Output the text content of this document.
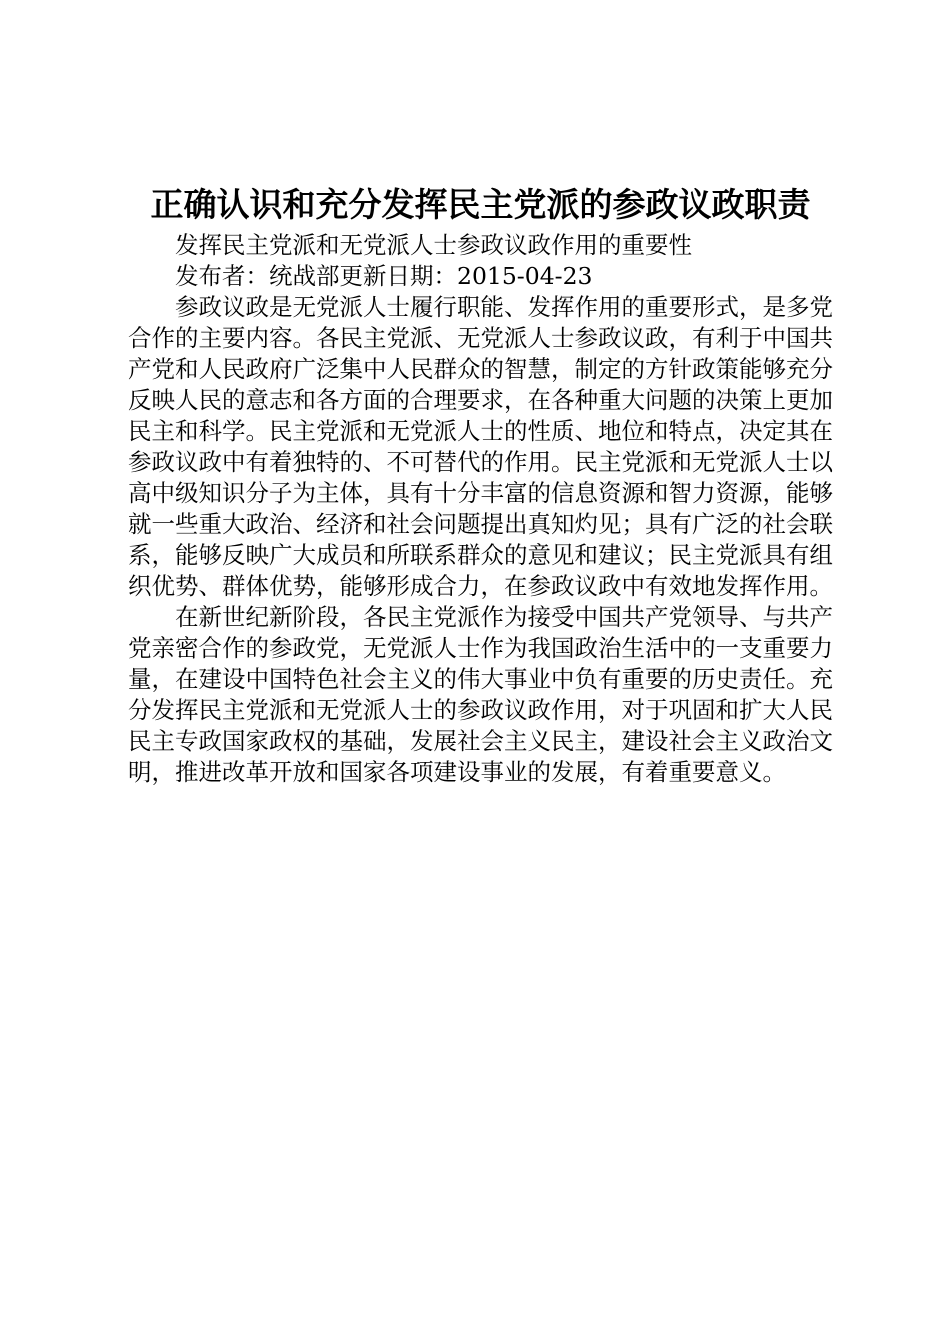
正确认识和充分发挥民主党派的参政议政职责

发挥民主党派和无党派人士参政议政作用的重要性

发布者：统战部更新日期：2015-04-23

参政议政是无党派人士履行职能、发挥作用的重要形式，是多党合作的主要内容。各民主党派、无党派人士参政议政，有利于中国共产党和人民政府广泛集中人民群众的智慧，制定的方针政策能够充分反映人民的意志和各方面的合理要求，在各种重大问题的决策上更加民主和科学。民主党派和无党派人士的性质、地位和特点，决定其在参政议政中有着独特的、不可替代的作用。民主党派和无党派人士以高中级知识分子为主体，具有十分丰富的信息资源和智力资源，能够就一些重大政治、经济和社会问题提出真知灼见；具有广泛的社会联系，能够反映广大成员和所联系群众的意见和建议；民主党派具有组织优势、群体优势，能够形成合力，在参政议政中有效地发挥作用。

在新世纪新阶段，各民主党派作为接受中国共产党领导、与共产党亲密合作的参政党，无党派人士作为我国政治生活中的一支重要力量，在建设中国特色社会主义的伟大事业中负有重要的历史责任。充分发挥民主党派和无党派人士的参政议政作用，对于巩固和扩大人民民主专政国家政权的基础，发展社会主义民主，建设社会主义政治文明，推进改革开放和国家各项建设事业的发展，有着重要意义。
